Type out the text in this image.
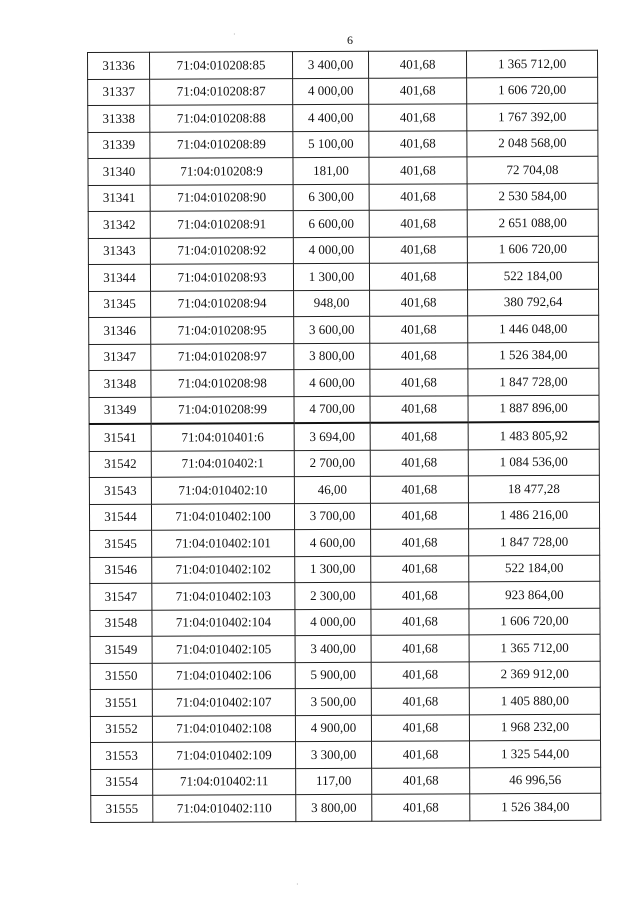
6
·
·
31336	71:04:010208:85	3 400,00	401,68	1 365 712,00
31337	71:04:010208:87	4 000,00	401,68	1 606 720,00
31338	71:04:010208:88	4 400,00	401,68	1 767 392,00
31339	71:04:010208:89	5 100,00	401,68	2 048 568,00
31340	71:04:010208:9	181,00	401,68	72 704,08
31341	71:04:010208:90	6 300,00	401,68	2 530 584,00
31342	71:04:010208:91	6 600,00	401,68	2 651 088,00
31343	71:04:010208:92	4 000,00	401,68	1 606 720,00
31344	71:04:010208:93	1 300,00	401,68	522 184,00
31345	71:04:010208:94	948,00	401,68	380 792,64
31346	71:04:010208:95	3 600,00	401,68	1 446 048,00
31347	71:04:010208:97	3 800,00	401,68	1 526 384,00
31348	71:04:010208:98	4 600,00	401,68	1 847 728,00
31349	71:04:010208:99	4 700,00	401,68	1 887 896,00
31541	71:04:010401:6	3 694,00	401,68	1 483 805,92
31542	71:04:010402:1	2 700,00	401,68	1 084 536,00
31543	71:04:010402:10	46,00	401,68	18 477,28
31544	71:04:010402:100	3 700,00	401,68	1 486 216,00
31545	71:04:010402:101	4 600,00	401,68	1 847 728,00
31546	71:04:010402:102	1 300,00	401,68	522 184,00
31547	71:04:010402:103	2 300,00	401,68	923 864,00
31548	71:04:010402:104	4 000,00	401,68	1 606 720,00
31549	71:04:010402:105	3 400,00	401,68	1 365 712,00
31550	71:04:010402:106	5 900,00	401,68	2 369 912,00
31551	71:04:010402:107	3 500,00	401,68	1 405 880,00
31552	71:04:010402:108	4 900,00	401,68	1 968 232,00
31553	71:04:010402:109	3 300,00	401,68	1 325 544,00
31554	71:04:010402:11	117,00	401,68	46 996,56
31555	71:04:010402:110	3 800,00	401,68	1 526 384,00
